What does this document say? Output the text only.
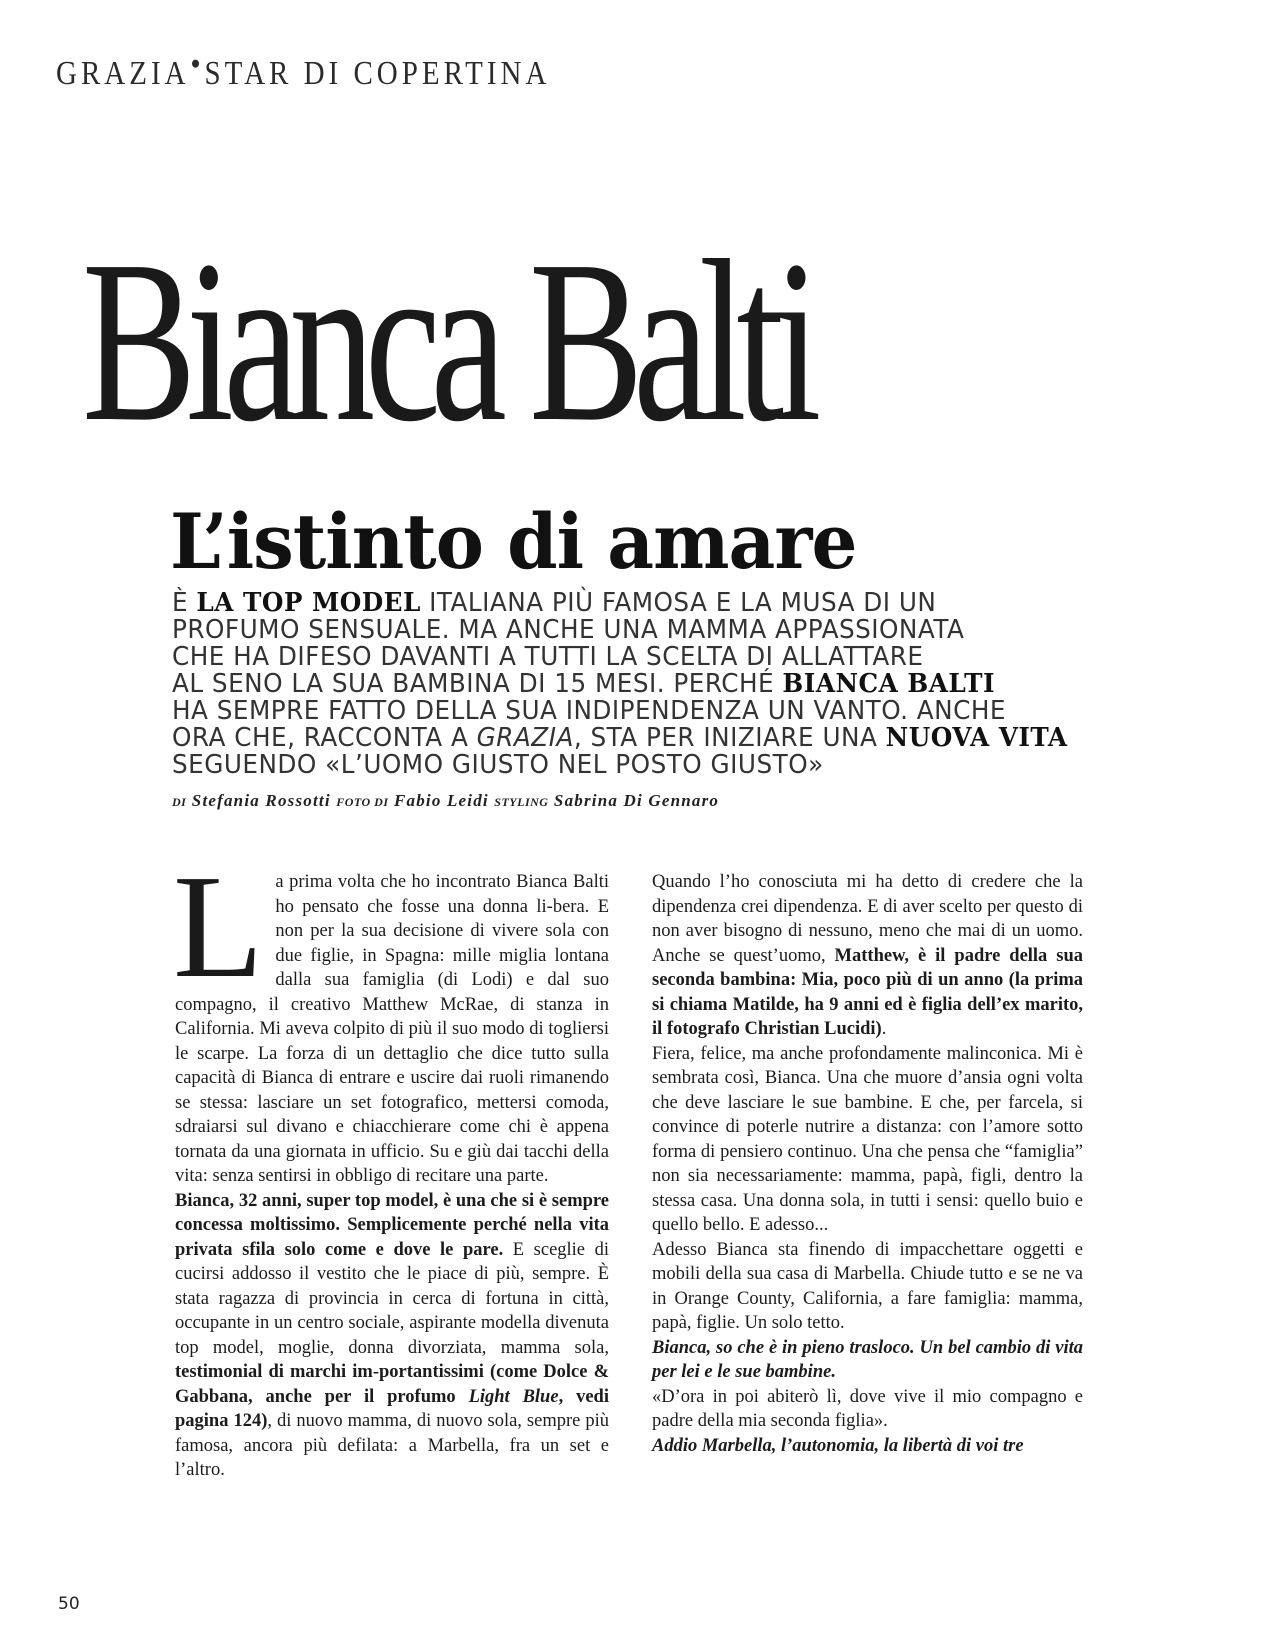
GRAZIA STAR DI COPERTINA
Bianca Balti
L’istinto di amare
È LA TOP MODEL ITALIANA PIÙ FAMOSA E LA MUSA DI UN
PROFUMO SENSUALE. MA ANCHE UNA MAMMA APPASSIONATA
CHE HA DIFESO DAVANTI A TUTTI LA SCELTA DI ALLATTARE
AL SENO LA SUA BAMBINA DI 15 MESI. PERCHÉ BIANCA BALTI
HA SEMPRE FATTO DELLA SUA INDIPENDENZA UN VANTO. ANCHE
ORA CHE, RACCONTA A GRAZIA, STA PER INIZIARE UNA NUOVA VITA
SEGUENDO «L’UOMO GIUSTO NEL POSTO GIUSTO»
DI Stefania Rossotti FOTO DI Fabio Leidi STYLING Sabrina Di Gennaro

La prima volta che ho incontrato Bianca Balti ho pensato che fosse una donna li-bera. E non per la sua decisione di vivere sola con due figlie, in Spagna: mille miglia lontana dalla sua famiglia (di Lodi) e dal suo compagno, il creativo Matthew McRae, di stanza in California. Mi aveva colpito di più il suo modo di togliersi le scarpe. La forza di un dettaglio che dice tutto sulla capacità di Bianca di entrare e uscire dai ruoli rimanendo se stessa: lasciare un set fotografico, mettersi comoda, sdraiarsi sul divano e chiacchierare come chi è appena tornata da una giornata in ufficio. Su e giù dai tacchi della vita: senza sentirsi in obbligo di recitare una parte.

Bianca, 32 anni, super top model, è una che si è sempre concessa moltissimo. Semplicemente perché nella vita privata sfila solo come e dove le pare. E sceglie di cucirsi addosso il vestito che le piace di più, sempre. È stata ragazza di provincia in cerca di fortuna in città, occupante in un centro sociale, aspirante modella divenuta top model, moglie, donna divorziata, mamma sola, testimonial di marchi im-portantissimi (come Dolce & Gabbana, anche per il profumo Light Blue, vedi pagina 124), di nuovo mamma, di nuovo sola, sempre più famosa, ancora più defilata: a Marbella, fra un set e l’altro.

Quando l’ho conosciuta mi ha detto di credere che la dipendenza crei dipendenza. E di aver scelto per questo di non aver bisogno di nessuno, meno che mai di un uomo. Anche se quest’uomo, Matthew, è il padre della sua seconda bambina: Mia, poco più di un anno (la prima si chiama Matilde, ha 9 anni ed è figlia dell’ex marito, il fotografo Christian Lucidi).

Fiera, felice, ma anche profondamente malinconica. Mi è sembrata così, Bianca. Una che muore d’ansia ogni volta che deve lasciare le sue bambine. E che, per farcela, si convince di poterle nutrire a distanza: con l’amore sotto forma di pensiero continuo. Una che pensa che “famiglia” non sia necessariamente: mamma, papà, figli, dentro la stessa casa. Una donna sola, in tutti i sensi: quello buio e quello bello. E adesso...

Adesso Bianca sta finendo di impacchettare oggetti e mobili della sua casa di Marbella. Chiude tutto e se ne va in Orange County, California, a fare famiglia: mamma, papà, figlie. Un solo tetto.

Bianca, so che è in pieno trasloco. Un bel cambio di vita per lei e le sue bambine.

«D’ora in poi abiterò lì, dove vive il mio compagno e padre della mia seconda figlia».

Addio Marbella, l’autonomia, la libertà di voi tre

50
